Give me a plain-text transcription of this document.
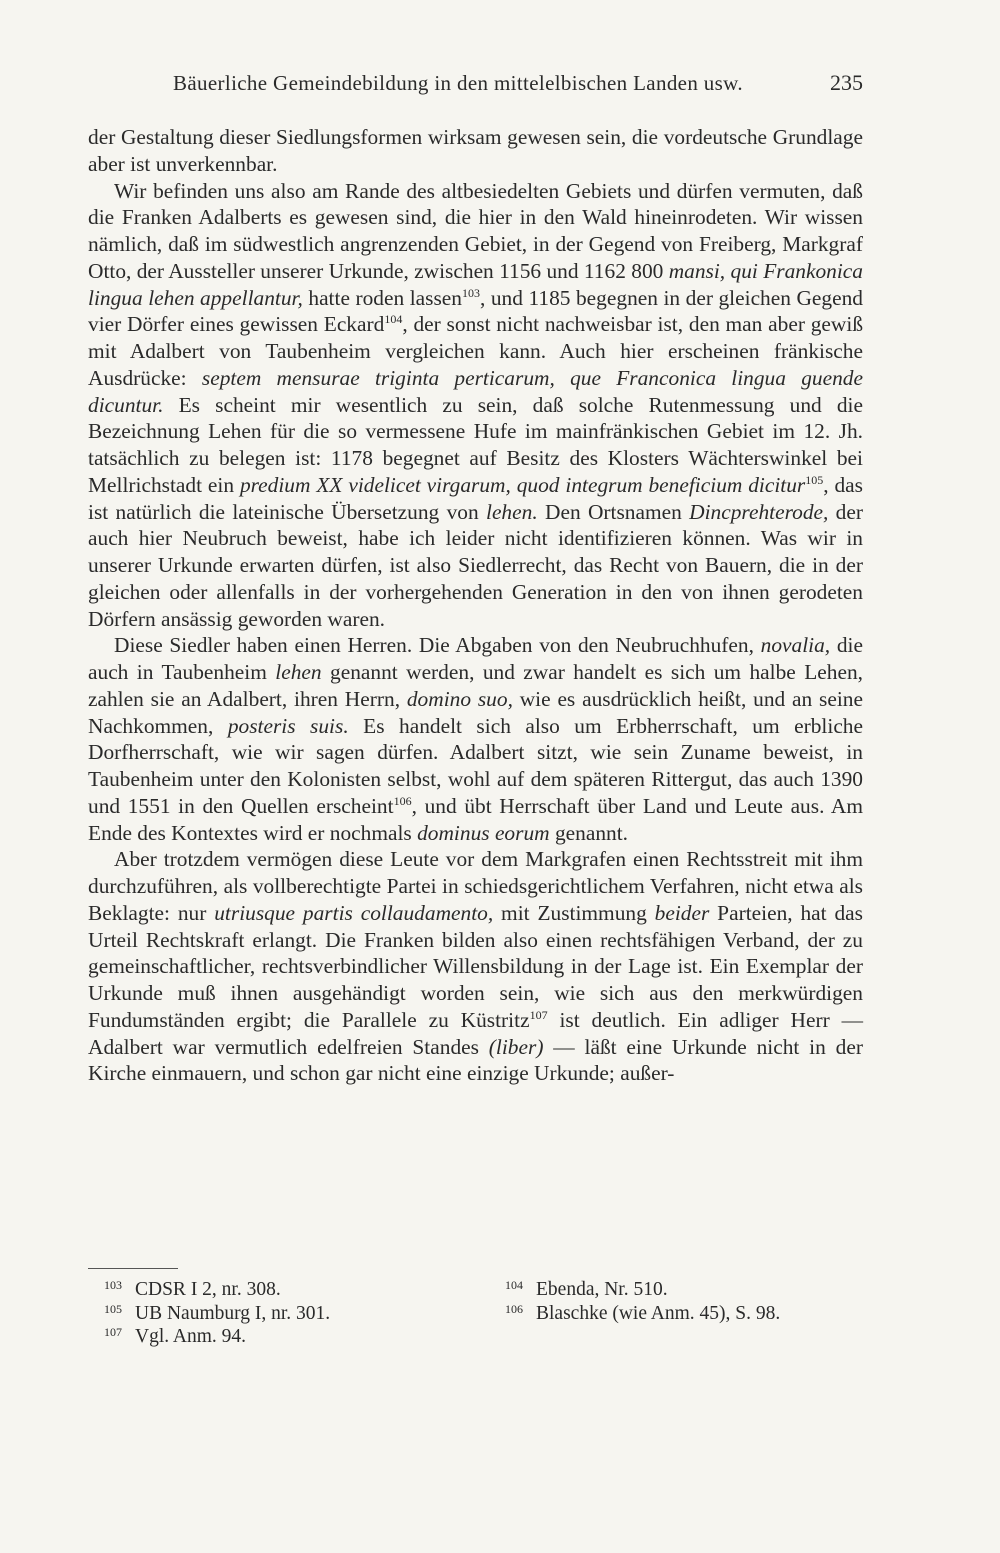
Bäuerliche Gemeindebildung in den mittelelbischen Landen usw.	235

der Gestaltung dieser Siedlungsformen wirksam gewesen sein, die vordeutsche Grundlage aber ist unverkennbar.

Wir befinden uns also am Rande des altbesiedelten Gebiets und dürfen vermuten, daß die Franken Adalberts es gewesen sind, die hier in den Wald hineinrodeten. Wir wissen nämlich, daß im südwestlich angrenzenden Gebiet, in der Gegend von Freiberg, Markgraf Otto, der Aussteller unserer Urkunde, zwischen 1156 und 1162 800 mansi, qui Frankonica lingua lehen appellantur, hatte roden lassen$^{103}$, und 1185 begegnen in der gleichen Gegend vier Dörfer eines gewissen Eckard$^{104}$, der sonst nicht nachweisbar ist, den man aber gewiß mit Adalbert von Taubenheim vergleichen kann. Auch hier erscheinen fränkische Ausdrücke: septem mensurae triginta perticarum, que Franconica lingua guende dicuntur. Es scheint mir wesentlich zu sein, daß solche Rutenmessung und die Bezeichnung Lehen für die so vermessene Hufe im mainfränkischen Gebiet im 12. Jh. tatsächlich zu belegen ist: 1178 begegnet auf Besitz des Klosters Wächterswinkel bei Mellrichstadt ein predium XX videlicet virgarum, quod integrum beneficium dicitur$^{105}$, das ist natürlich die lateinische Übersetzung von lehen. Den Ortsnamen Dincprehterode, der auch hier Neubruch beweist, habe ich leider nicht identifizieren können. Was wir in unserer Urkunde erwarten dürfen, ist also Siedlerrecht, das Recht von Bauern, die in der gleichen oder allenfalls in der vorhergehenden Generation in den von ihnen gerodeten Dörfern ansässig geworden waren.

Diese Siedler haben einen Herren. Die Abgaben von den Neubruchhufen, novalia, die auch in Taubenheim lehen genannt werden, und zwar handelt es sich um halbe Lehen, zahlen sie an Adalbert, ihren Herrn, domino suo, wie es ausdrücklich heißt, und an seine Nachkommen, posteris suis. Es handelt sich also um Erbherrschaft, um erbliche Dorfherrschaft, wie wir sagen dürfen. Adalbert sitzt, wie sein Zuname beweist, in Taubenheim unter den Kolonisten selbst, wohl auf dem späteren Rittergut, das auch 1390 und 1551 in den Quellen erscheint$^{106}$, und übt Herrschaft über Land und Leute aus. Am Ende des Kontextes wird er nochmals dominus eorum genannt.

Aber trotzdem vermögen diese Leute vor dem Markgrafen einen Rechtsstreit mit ihm durchzuführen, als vollberechtigte Partei in schiedsgerichtlichem Verfahren, nicht etwa als Beklagte: nur utriusque partis collaudamento, mit Zustimmung beider Parteien, hat das Urteil Rechtskraft erlangt. Die Franken bilden also einen rechtsfähigen Verband, der zu gemeinschaftlicher, rechtsverbindlicher Willensbildung in der Lage ist. Ein Exemplar der Urkunde muß ihnen ausgehändigt worden sein, wie sich aus den merkwürdigen Fundumständen ergibt; die Parallele zu Küstritz$^{107}$ ist deutlich. Ein adliger Herr — Adalbert war vermutlich edelfreien Standes (liber) — läßt eine Urkunde nicht in der Kirche einmauern, und schon gar nicht eine einzige Urkunde; außer-

103 CDSR I 2, nr. 308.	104 Ebenda, Nr. 510.
105 UB Naumburg I, nr. 301.	106 Blaschke (wie Anm. 45), S. 98.
107 Vgl. Anm. 94.
